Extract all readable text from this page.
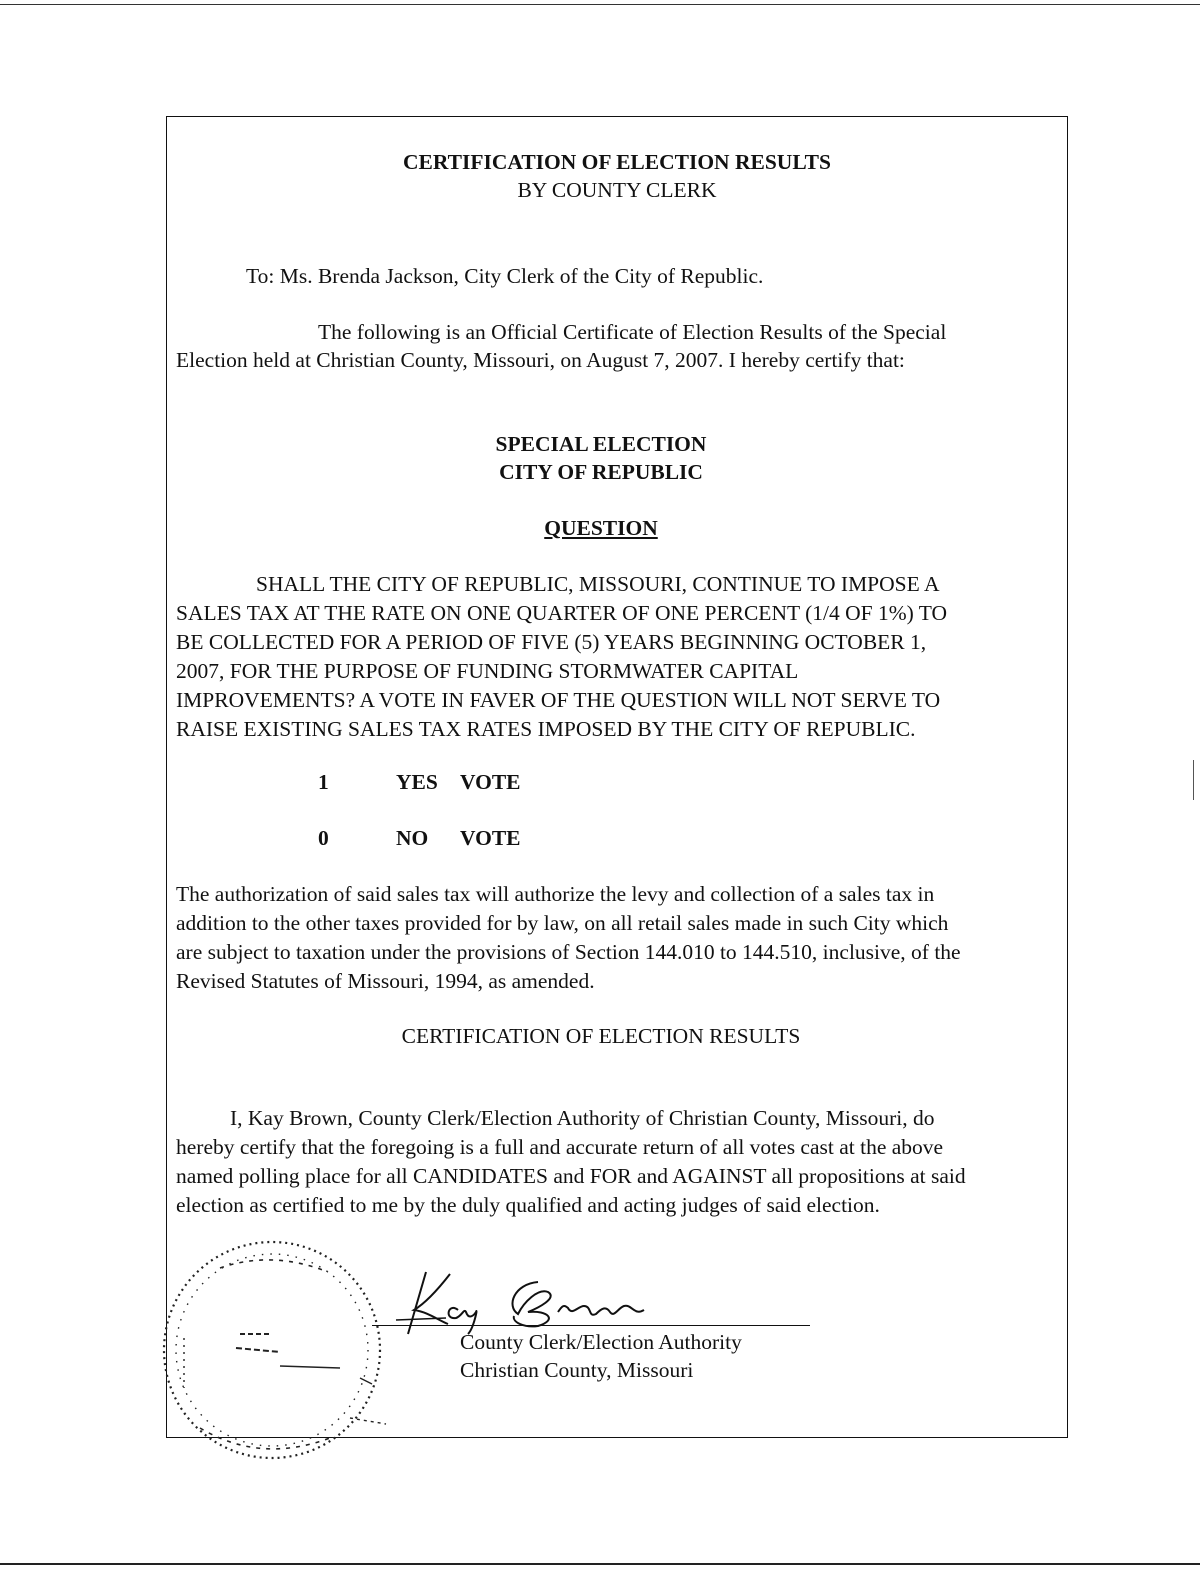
CERTIFICATION OF ELECTION RESULTS
BY COUNTY CLERK
To: Ms. Brenda Jackson, City Clerk of the City of Republic.
The following is an Official Certificate of Election Results of the Special
Election held at Christian County, Missouri, on August 7, 2007. I hereby certify that:
SPECIAL ELECTION
CITY OF REPUBLIC
QUESTION
SHALL THE CITY OF REPUBLIC, MISSOURI, CONTINUE TO IMPOSE A
SALES TAX AT THE RATE ON ONE QUARTER OF ONE PERCENT (1/4 OF 1%) TO
BE COLLECTED FOR A PERIOD OF FIVE (5) YEARS BEGINNING OCTOBER 1,
2007, FOR THE PURPOSE OF FUNDING STORMWATER CAPITAL
IMPROVEMENTS? A VOTE IN FAVER OF THE QUESTION WILL NOT SERVE TO
RAISE EXISTING SALES TAX RATES IMPOSED BY THE CITY OF REPUBLIC.
1	YES VOTE
0	NO VOTE
The authorization of said sales tax will authorize the levy and collection of a sales tax in
addition to the other taxes provided for by law, on all retail sales made in such City which
are subject to taxation under the provisions of Section 144.010 to 144.510, inclusive, of the
Revised Statutes of Missouri, 1994, as amended.
CERTIFICATION OF ELECTION RESULTS
I, Kay Brown, County Clerk/Election Authority of Christian County, Missouri, do
hereby certify that the foregoing is a full and accurate return of all votes cast at the above
named polling place for all CANDIDATES and FOR and AGAINST all propositions at said
election as certified to me by the duly qualified and acting judges of said election.
County Clerk/Election Authority
Christian County, Missouri
